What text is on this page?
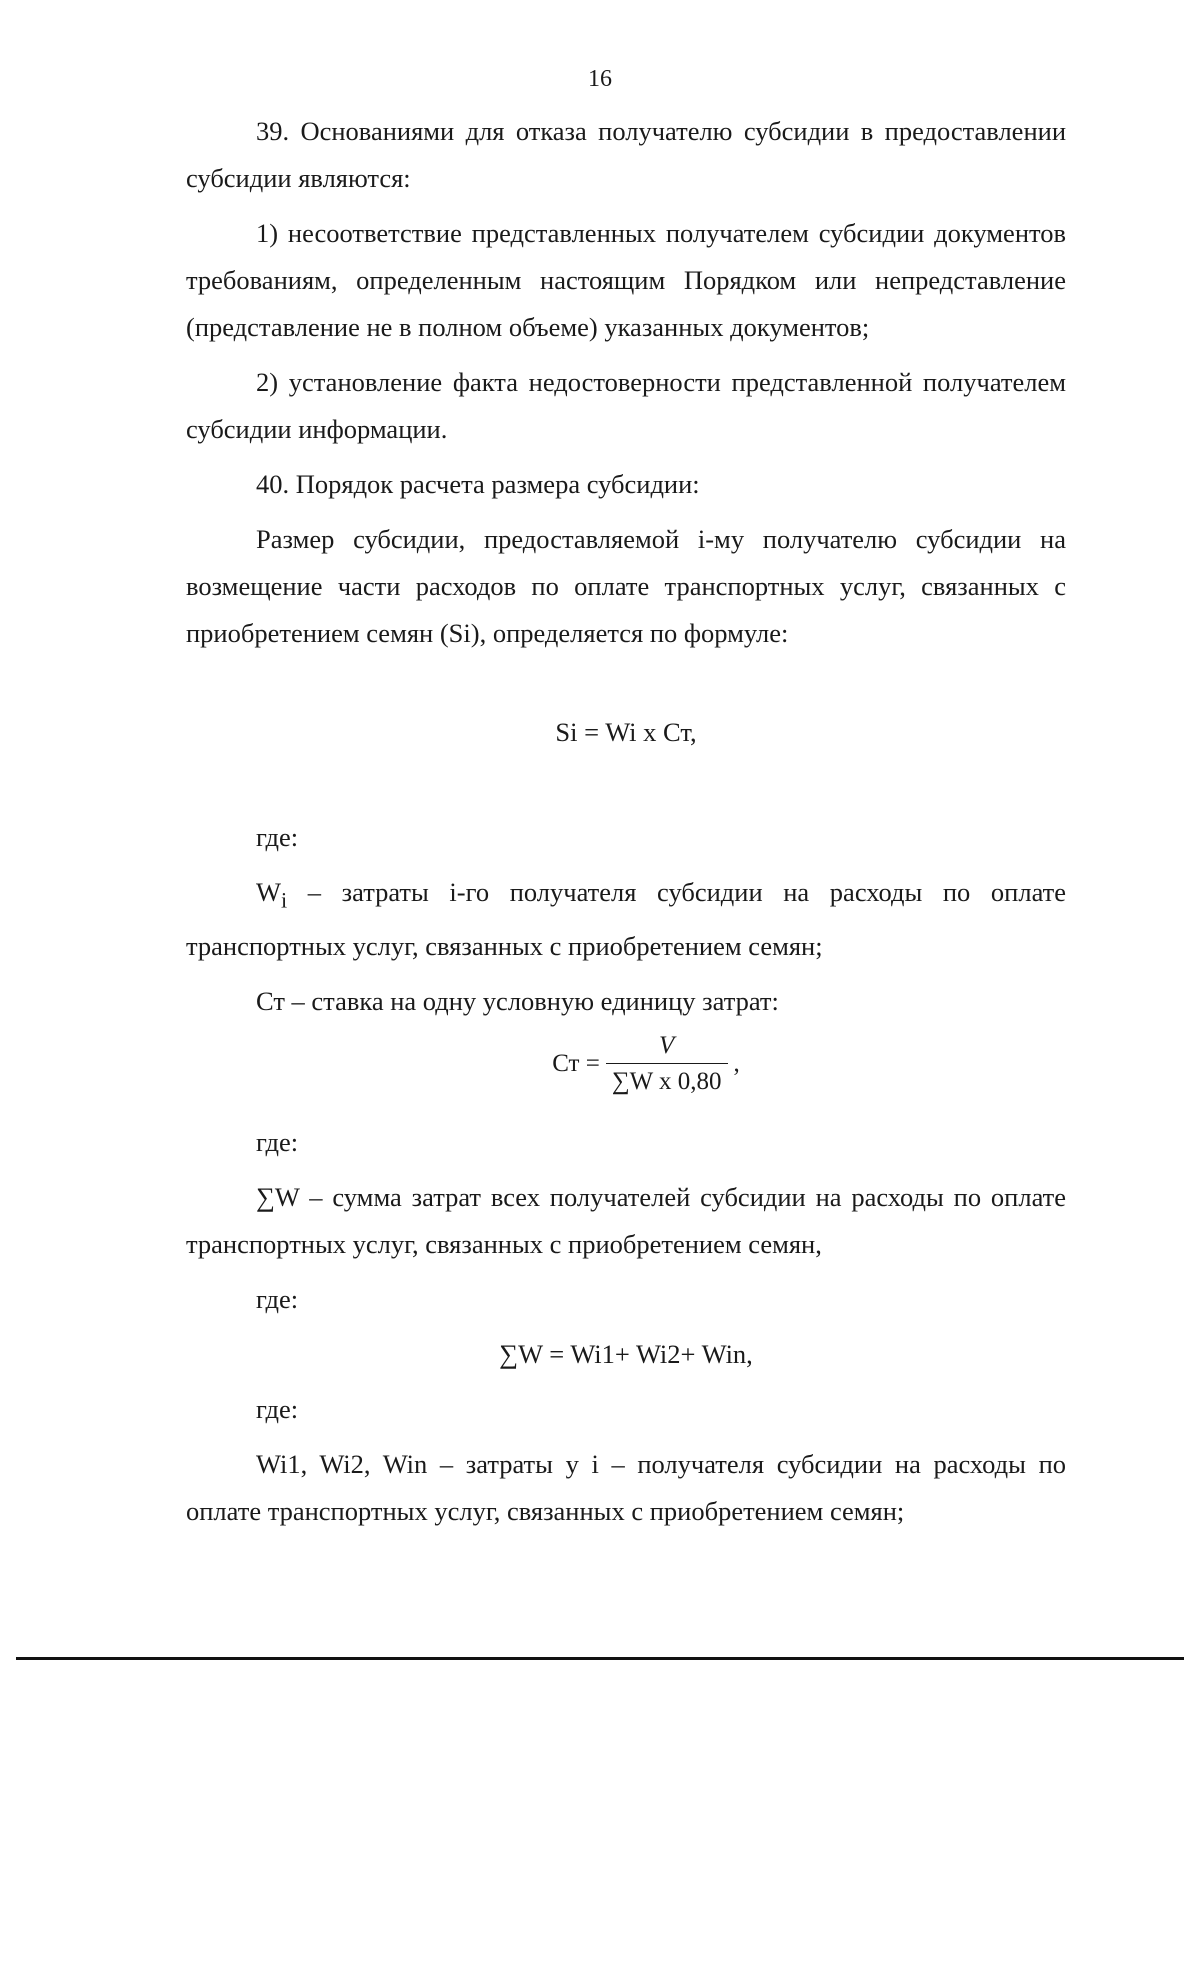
16

39. Основаниями для отказа получателю субсидии в предоставлении субсидии являются:

1) несоответствие представленных получателем субсидии документов требованиям, определенным настоящим Порядком или непредставление (представление не в полном объеме) указанных документов;

2) установление факта недостоверности представленной получателем субсидии информации.

40. Порядок расчета размера субсидии:

Размер субсидии, предоставляемой i-му получателю субсидии на возмещение части расходов по оплате транспортных услуг, связанных с приобретением семян (Si), определяется по формуле:

Si = Wi x Ст,

где:

$W_i$ – затраты i-го получателя субсидии на расходы по оплате транспортных услуг, связанных с приобретением семян;

Ст – ставка на одну условную единицу затрат:

Ст = $\frac{V}{\text{∑W x 0,80}}$ ,

где:

∑W – сумма затрат всех получателей субсидии на расходы по оплате транспортных услуг, связанных с приобретением семян,

где:

∑W = Wi1+ Wi2+ Win,

где:

Wi1, Wi2, Win – затраты у i – получателя субсидии на расходы по оплате транспортных услуг, связанных с приобретением семян;
